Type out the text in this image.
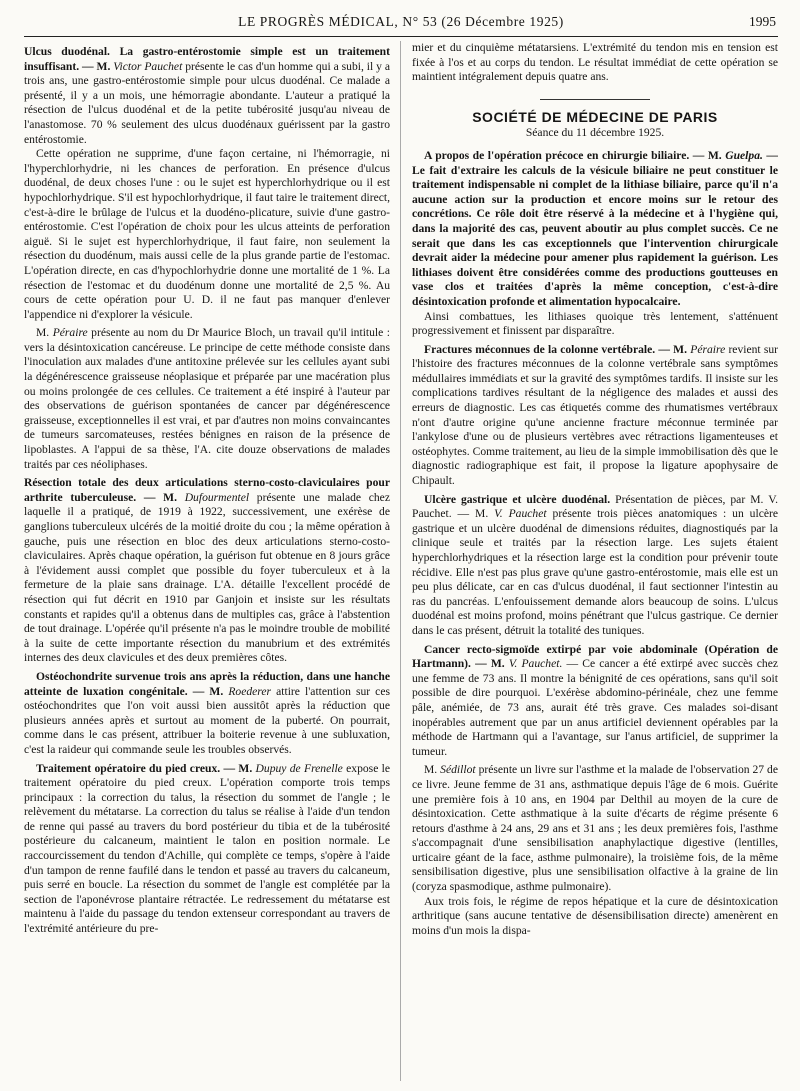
LE PROGRÈS MÉDICAL, N° 53 (26 Décembre 1925)	1995

Ulcus duodénal. La gastro-entérostomie simple est un traitement insuffisant. — M. Victor Pauchet présente le cas d'un homme qui a subi, il y a trois ans, une gastro-entérostomie simple pour ulcus duodénal. Ce malade a présenté, il y a un mois, une hémorragie abondante. L'auteur a pratiqué la résection de l'ulcus duodénal et de la petite tubérosité jusqu'au niveau de l'anastomose. 70 % seulement des ulcus duodénaux guérissent par la gastro entérostomie.

Cette opération ne supprime, d'une façon certaine, ni l'hémorragie, ni l'hyperchlorhydrie, ni les chances de perforation. En présence d'ulcus duodénal, de deux choses l'une : ou le sujet est hyperchlorhydrique ou il est hypochlorhydrique. S'il est hypochlorhydrique, il faut taire le traitement direct, c'est-à-dire le brûlage de l'ulcus et la duodéno-plicature, suivie d'une gastro-entérostomie. C'est l'opération de choix pour les ulcus atteints de perforation aiguë. Si le sujet est hyperchlorhydrique, il faut faire, non seulement la résection du duodénum, mais aussi celle de la plus grande partie de l'estomac. L'opération directe, en cas d'hypochlorhydrie donne une mortalité de 1 %. La résection de l'estomac et du duodénum donne une mortalité de 2,5 %. Au cours de cette opération pour U. D. il ne faut pas manquer d'enlever l'appendice ni d'explorer la vésicule.

M. Péraire présente au nom du Dr Maurice Bloch, un travail qu'il intitule : vers la désintoxication cancéreuse. Le principe de cette méthode consiste dans l'inoculation aux malades d'une antitoxine prélevée sur les cellules ayant subi la dégénérescence graisseuse néoplasique et préparée par une macération plus ou moins prolongée de ces cellules. Ce traitement a été inspiré à l'auteur par des observations de guérison spontanées de cancer par dégénérescence graisseuse, exceptionnelles il est vrai, et par d'autres non moins convaincantes de tumeurs sarcomateuses, restées bénignes en raison de la présence de lipoblastes. A l'appui de sa thèse, l'A. cite douze observations de malades traités par ces néoliphases.

Résection totale des deux articulations sterno-costo-claviculaires pour arthrite tuberculeuse. — M. Dufourmentel présente une malade chez laquelle il a pratiqué, de 1919 à 1922, successivement, une exérèse de ganglions tuberculeux ulcérés de la moitié droite du cou ; la même opération à gauche, puis une résection en bloc des deux articulations sterno-costo-claviculaires. Après chaque opération, la guérison fut obtenue en 8 jours grâce à l'évidement aussi complet que possible du foyer tuberculeux et à la fermeture de la plaie sans drainage. L'A. détaille l'excellent procédé de résection qui fut décrit en 1910 par Ganjoin et insiste sur les résultats constants et rapides qu'il a obtenus dans de multiples cas, grâce à l'abstention de tout drainage. L'opérée qu'il présente n'a pas le moindre trouble de mobilité à la suite de cette importante résection du manubrium et des extrémités internes des deux clavicules et des deux premières côtes.

Ostéochondrite survenue trois ans après la réduction, dans une hanche atteinte de luxation congénitale. — M. Roederer attire l'attention sur ces ostéochondrites que l'on voit aussi bien aussitôt après la réduction que plusieurs années après et surtout au moment de la puberté. On pourrait, comme dans le cas présent, attribuer la boiterie revenue à une subluxation, c'est la raideur qui commande seule les troubles observés.

Traitement opératoire du pied creux. — M. Dupuy de Frenelle expose le traitement opératoire du pied creux. L'opération comporte trois temps principaux : la correction du talus, la résection du sommet de l'angle ; le relèvement du métatarse. La correction du talus se réalise à l'aide d'un tendon de renne qui passé au travers du bord postérieur du tibia et de la tubérosité postérieure du calcaneum, maintient le talon en position normale. Le raccourcissement du tendon d'Achille, qui complète ce temps, s'opère à l'aide d'un tampon de renne faufilé dans le tendon et passé au travers du calcaneum, puis serré en boucle. La résection du sommet de l'angle est complétée par la section de l'aponévrose plantaire rétractée. Le redressement du métatarse est maintenu à l'aide du passage du tendon extenseur correspondant au travers de l'extrémité antérieure du pre-

mier et du cinquième métatarsiens. L'extrémité du tendon mis en tension est fixée à l'os et au corps du tendon. Le résultat immédiat de cette opération se maintient intégralement depuis quatre ans.

SOCIÉTÉ DE MÉDECINE DE PARIS
Séance du 11 décembre 1925.

A propos de l'opération précoce en chirurgie biliaire. — M. Guelpa. — Le fait d'extraire les calculs de la vésicule biliaire ne peut constituer le traitement indispensable ni complet de la lithiase biliaire, parce qu'il n'a aucune action sur la production et encore moins sur le retour des concrétions. Ce rôle doit être réservé à la médecine et à l'hygiène qui, dans la majorité des cas, peuvent aboutir au plus complet succès. Ce ne serait que dans les cas exceptionnels que l'intervention chirurgicale devrait aider la médecine pour amener plus rapidement la guérison. Les lithiases doivent être considérées comme des productions goutteuses en vase clos et traitées d'après la même conception, c'est-à-dire désintoxication profonde et alimentation hypocalcaire.

Ainsi combattues, les lithiases quoique très lentement, s'atténuent progressivement et finissent par disparaître.

Fractures méconnues de la colonne vertébrale. — M. Péraire revient sur l'histoire des fractures méconnues de la colonne vertébrale sans symptômes médullaires immédiats et sur la gravité des symptômes tardifs. Il insiste sur les complications tardives résultant de la négligence des malades et aussi des erreurs de diagnostic. Les cas étiquetés comme des rhumatismes vertébraux n'ont d'autre origine qu'une ancienne fracture méconnue terminée par l'ankylose d'une ou de plusieurs vertèbres avec rétractions ligamenteuses et ostéophytes. Comme traitement, au lieu de la simple immobilisation dès que le diagnostic radiographique est fait, il propose la ligature apophysaire de Chipault.

Ulcère gastrique et ulcère duodénal. Présentation de pièces, par M. V. Pauchet. — M. V. Pauchet présente trois pièces anatomiques : un ulcère gastrique et un ulcère duodénal de dimensions réduites, diagnostiqués par la clinique seule et traités par la résection large. Les sujets étaient hyperchlorhydriques et la résection large est la condition pour prévenir toute récidive. Elle n'est pas plus grave qu'une gastro-entérostomie, mais elle est un peu plus délicate, car en cas d'ulcus duodénal, il faut sectionner l'intestin au ras du pancréas. L'enfouissement demande alors beaucoup de soins. L'ulcus duodénal est moins profond, moins pénétrant que l'ulcus gastrique. Ce dernier dans le cas présent, détruit la totalité des tuniques.

Cancer recto-sigmoïde extirpé par voie abdominale (Opération de Hartmann). — M. V. Pauchet. — Ce cancer a été extirpé avec succès chez une femme de 73 ans. Il montre la bénignité de ces opérations, sans qu'il soit possible de dire pourquoi. L'exérèse abdomino-périnéale, chez une femme pâle, anémiée, de 73 ans, aurait été très grave. Ces malades soi-disant inopérables autrement que par un anus artificiel deviennent opérables par la méthode de Hartmann qui a l'avantage, sur l'anus artificiel, de supprimer la tumeur.

M. Sédillot présente un livre sur l'asthme et la malade de l'observation 27 de ce livre. Jeune femme de 31 ans, asthmatique depuis l'âge de 6 mois. Guérite une première fois à 10 ans, en 1904 par Delthil au moyen de la cure de désintoxication. Cette asthmatique à la suite d'écarts de régime présente 6 retours d'asthme à 24 ans, 29 ans et 31 ans ; les deux premières fois, l'asthme s'accompagnait d'une sensibilisation anaphylactique digestive (lentilles, urticaire géant de la face, asthme pulmonaire), la troisième fois, de la même sensibilisation digestive, plus une sensibilisation olfactive à la graine de lin (coryza spasmodique, asthme pulmonaire).

Aux trois fois, le régime de repos hépatique et la cure de désintoxication arthritique (sans aucune tentative de désensibilisation directe) amenèrent en moins d'un mois la dispa-
